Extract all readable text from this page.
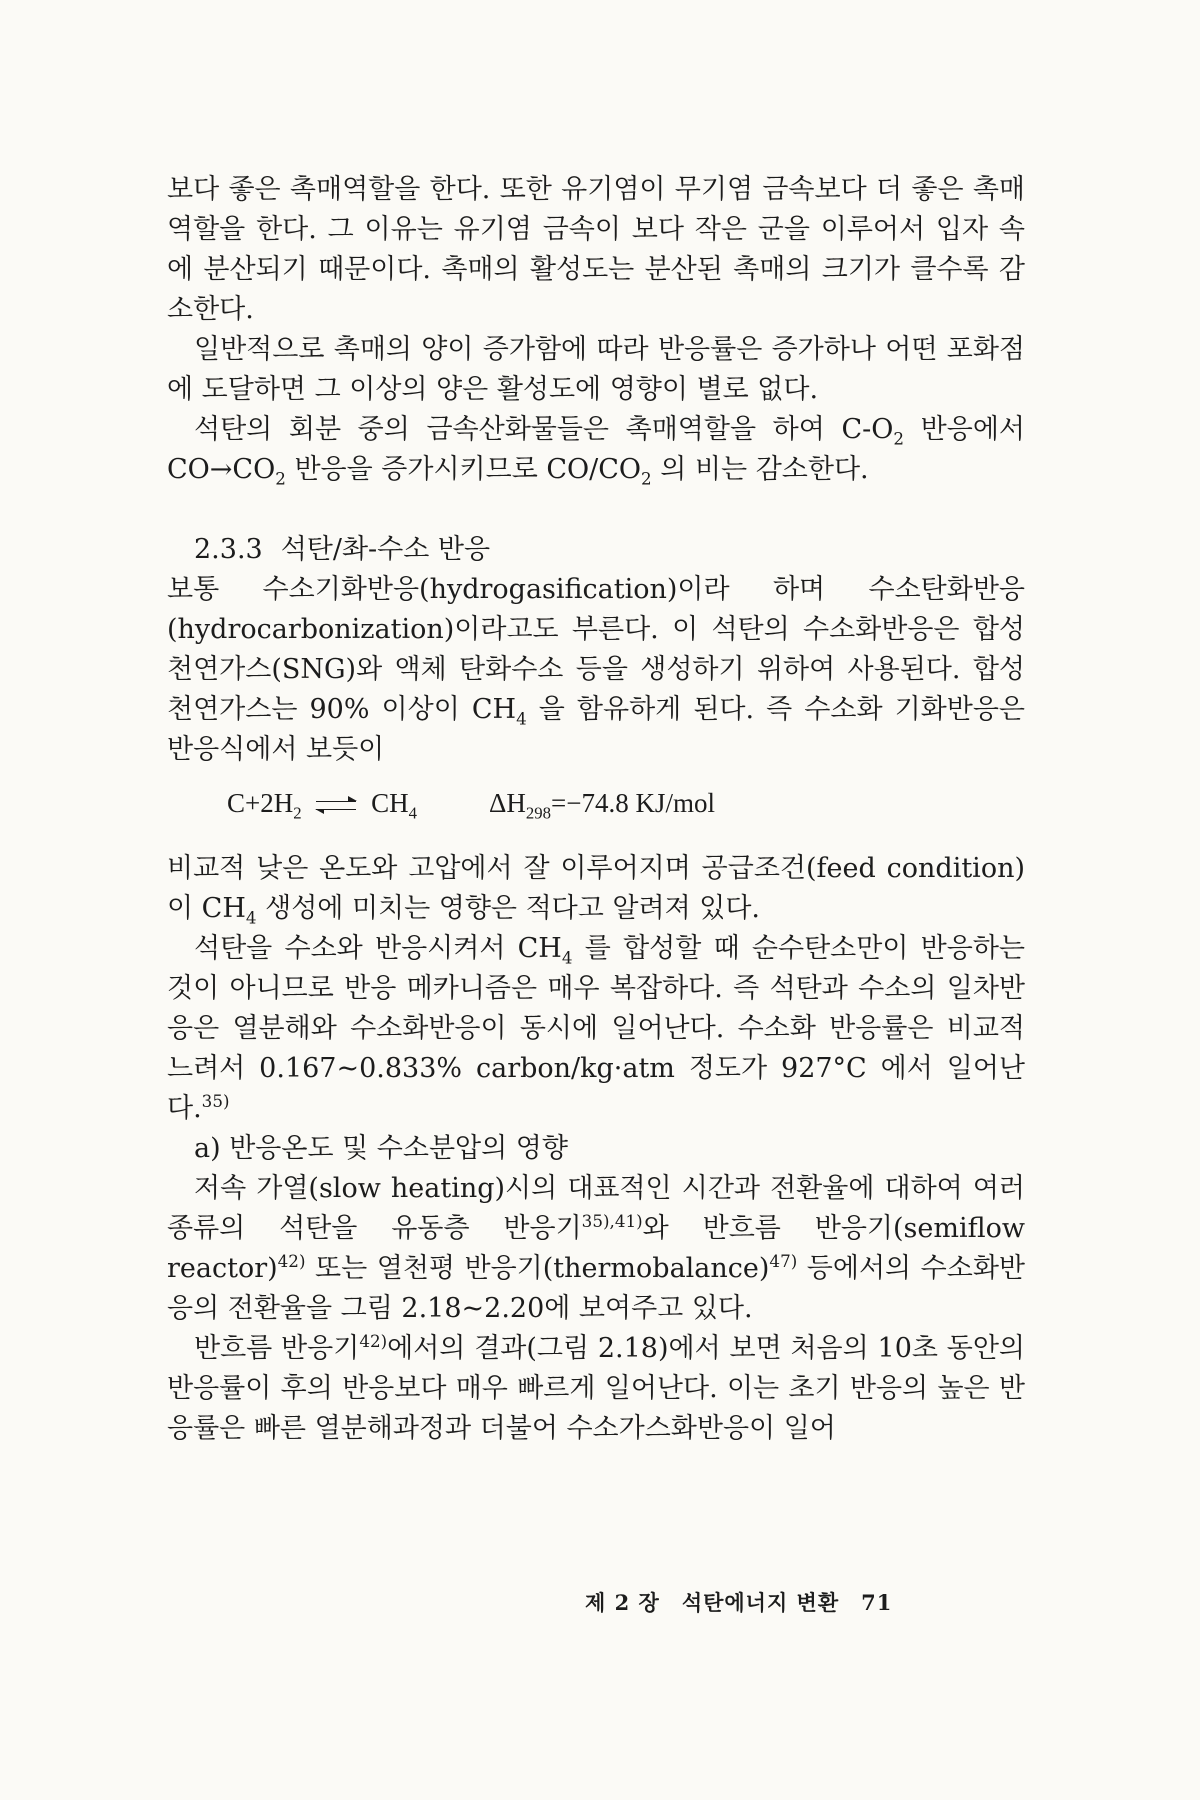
보다 좋은 촉매역할을 한다. 또한 유기염이 무기염 금속보다 더 좋은 촉매역할을 한다. 그 이유는 유기염 금속이 보다 작은 군을 이루어서 입자 속에 분산되기 때문이다. 촉매의 활성도는 분산된 촉매의 크기가 클수록 감소한다.

일반적으로 촉매의 양이 증가함에 따라 반응률은 증가하나 어떤 포화점에 도달하면 그 이상의 양은 활성도에 영향이 별로 없다.

석탄의 회분 중의 금속산화물들은 촉매역할을 하여 $C-O_2$ 반응에서 $CO\to CO_2$ 반응을 증가시키므로 $CO/CO_2$ 의 비는 감소한다.

2.3.3 석탄/촤-수소 반응

보통 수소기화반응(hydrogasification)이라 하며 수소탄화반응(hydrocarbonization)이라고도 부른다. 이 석탄의 수소화반응은 합성 천연가스(SNG)와 액체 탄화수소 등을 생성하기 위하여 사용된다. 합성 천연가스는 90% 이상이 $CH_4$ 을 함유하게 된다. 즉 수소화 기화반응은 반응식에서 보듯이

$C+2H_2$ ⇌ $CH_4$	$\Delta H_{298}=-74.8$ KJ/mol

비교적 낮은 온도와 고압에서 잘 이루어지며 공급조건(feed condition) 이 $CH_4$ 생성에 미치는 영향은 적다고 알려져 있다.

석탄을 수소와 반응시켜서 $CH_4$ 를 합성할 때 순수탄소만이 반응하는 것이 아니므로 반응 메카니즘은 매우 복잡하다. 즉 석탄과 수소의 일차반응은 열분해와 수소화반응이 동시에 일어난다. 수소화 반응률은 비교적 느려서 0.167~0.833% carbon/kg·atm 정도가 927°C 에서 일어난다.$^{35)}$

a) 반응온도 및 수소분압의 영향

저속 가열(slow heating)시의 대표적인 시간과 전환율에 대하여 여러 종류의 석탄을 유동층 반응기$^{35),41)}$와 반흐름 반응기(semiflow reactor)$^{42)}$ 또는 열천평 반응기(thermobalance)$^{47)}$ 등에서의 수소화반응의 전환율을 그림 2.18~2.20에 보여주고 있다.

반흐름 반응기$^{42)}$에서의 결과(그림 2.18)에서 보면 처음의 10초 동안의 반응률이 후의 반응보다 매우 빠르게 일어난다. 이는 초기 반응의 높은 반응률은 빠른 열분해과정과 더불어 수소가스화반응이 일어

제 2 장 석탄에너지 변환 71
